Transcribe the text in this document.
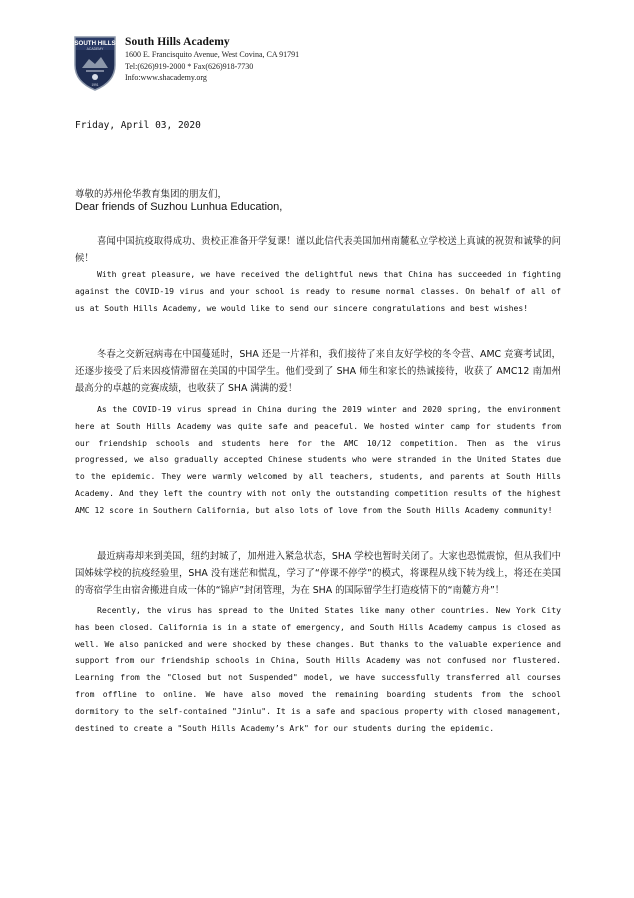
SOUTH HILLS
ACADEMY
1991
South Hills Academy
1600 E. Francisquito Avenue, West Covina, CA 91791
Tel:(626)919-2000 * Fax(626)918-7730
Info:www.shacademy.org
Friday, April 03, 2020
尊敬的苏州伦华教育集团的朋友们，
Dear friends of Suzhou Lunhua Education,

喜闻中国抗疫取得成功、贵校正准备开学复课！谨以此信代表美国加州南麓私立学校送上真诚的祝贺和诚挚的问候！

With great pleasure, we have received the delightful news that China has succeeded in fighting against the COVID-19 virus and your school is ready to resume normal classes. On behalf of all of us at South Hills Academy, we would like to send our sincere congratulations and best wishes!

冬春之交新冠病毒在中国蔓延时，SHA 还是一片祥和，我们接待了来自友好学校的冬令营、AMC 竞赛考试团，还逐步接受了后来因疫情滞留在美国的中国学生。他们受到了 SHA 师生和家长的热诚接待，收获了 AMC12 南加州最高分的卓越的竞赛成绩，也收获了 SHA 满满的爱！

As the COVID-19 virus spread in China during the 2019 winter and 2020 spring, the environment here at South Hills Academy was quite safe and peaceful. We hosted winter camp for students from our friendship schools and students here for the AMC 10/12 competition. Then as the virus progressed, we also gradually accepted Chinese students who were stranded in the United States due to the epidemic. They were warmly welcomed by all teachers, students, and parents at South Hills Academy. And they left the country with not only the outstanding competition results of the highest AMC 12 score in Southern California, but also lots of love from the South Hills Academy community!

最近病毒却来到美国，纽约封城了，加州进入紧急状态，SHA 学校也暂时关闭了。大家也恐慌震惊，但从我们中国姊妹学校的抗疫经验里，SHA 没有迷茫和慌乱，学习了“停课不停学”的模式，将课程从线下转为线上，将还在美国的寄宿学生由宿舍搬进自成一体的“锦庐”封闭管理，为在 SHA 的国际留学生打造疫情下的“南麓方舟”！

Recently, the virus has spread to the United States like many other countries. New York City has been closed. California is in a state of emergency, and South Hills Academy campus is closed as well. We also panicked and were shocked by these changes. But thanks to the valuable experience and support from our friendship schools in China, South Hills Academy was not confused nor flustered. Learning from the "Closed but not Suspended" model, we have successfully transferred all courses from offline to online. We have also moved the remaining boarding students from the school dormitory to the self-contained "Jinlu". It is a safe and spacious property with closed management, destined to create a "South Hills Academy’s Ark" for our students during the epidemic.
